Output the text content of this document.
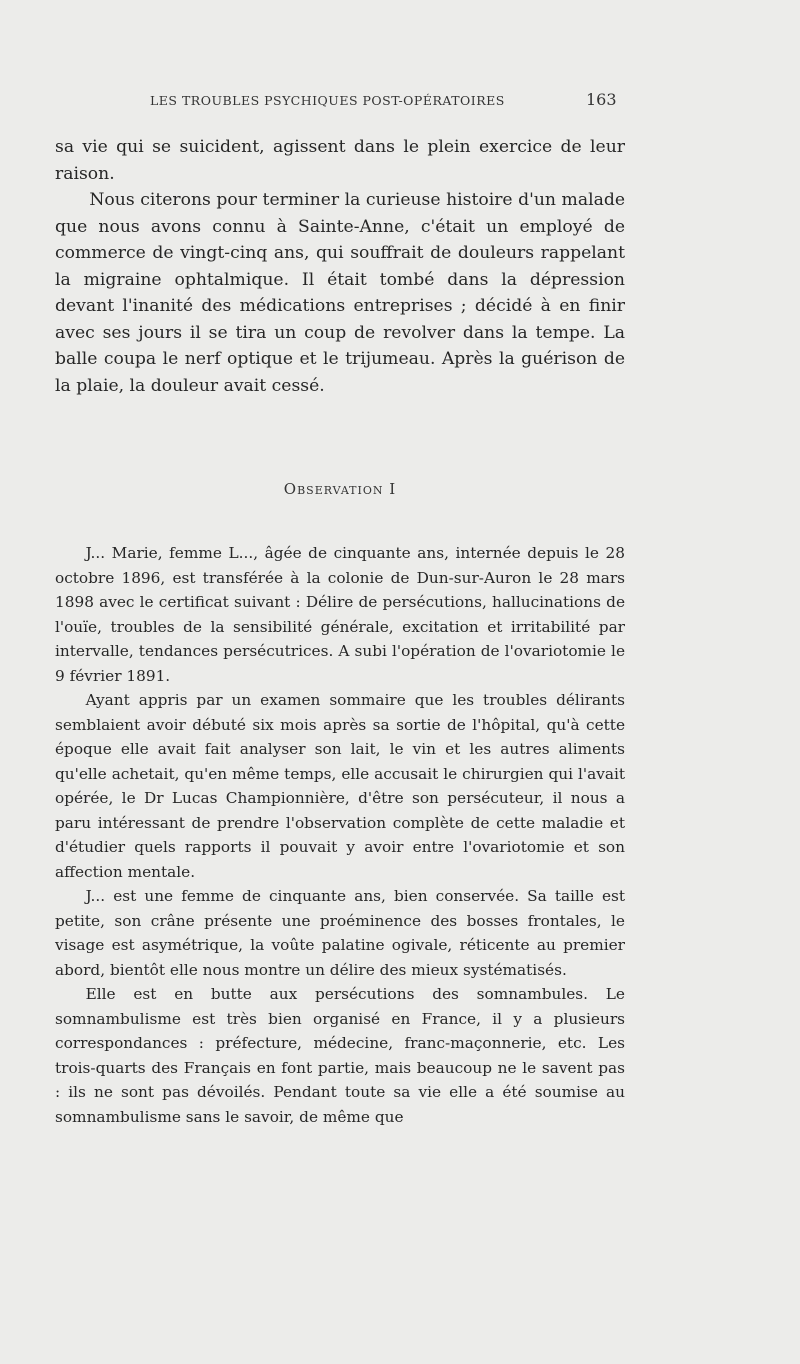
LES TROUBLES PSYCHIQUES POST-OPÉRATOIRES	163

sa vie qui se suicident, agissent dans le plein exercice de leur raison.

Nous citerons pour terminer la curieuse histoire d'un malade que nous avons connu à Sainte-Anne, c'était un employé de commerce de vingt-cinq ans, qui souffrait de douleurs rappelant la migraine ophtalmique. Il était tombé dans la dépression devant l'inanité des médications entreprises ; décidé à en finir avec ses jours il se tira un coup de revolver dans la tempe. La balle coupa le nerf optique et le trijumeau. Après la guérison de la plaie, la douleur avait cessé.

Observation I

J... Marie, femme L..., âgée de cinquante ans, internée depuis le 28 octobre 1896, est transférée à la colonie de Dun-sur-Auron le 28 mars 1898 avec le certificat suivant : Délire de persécutions, hallucinations de l'ouïe, troubles de la sensibilité générale, excitation et irritabilité par intervalle, tendances persécutrices. A subi l'opération de l'ovariotomie le 9 février 1891.

Ayant appris par un examen sommaire que les troubles délirants semblaient avoir débuté six mois après sa sortie de l'hôpital, qu'à cette époque elle avait fait analyser son lait, le vin et les autres aliments qu'elle achetait, qu'en même temps, elle accusait le chirurgien qui l'avait opérée, le Dr Lucas Championnière, d'être son persécuteur, il nous a paru intéressant de prendre l'observation complète de cette maladie et d'étudier quels rapports il pouvait y avoir entre l'ovariotomie et son affection mentale.

J... est une femme de cinquante ans, bien conservée. Sa taille est petite, son crâne présente une proéminence des bosses frontales, le visage est asymétrique, la voûte palatine ogivale, réticente au premier abord, bientôt elle nous montre un délire des mieux systématisés.

Elle est en butte aux persécutions des somnambules. Le somnambulisme est très bien organisé en France, il y a plusieurs correspondances : préfecture, médecine, franc-maçonnerie, etc. Les trois-quarts des Français en font partie, mais beaucoup ne le savent pas : ils ne sont pas dévoilés. Pendant toute sa vie elle a été soumise au somnambulisme sans le savoir, de même que
